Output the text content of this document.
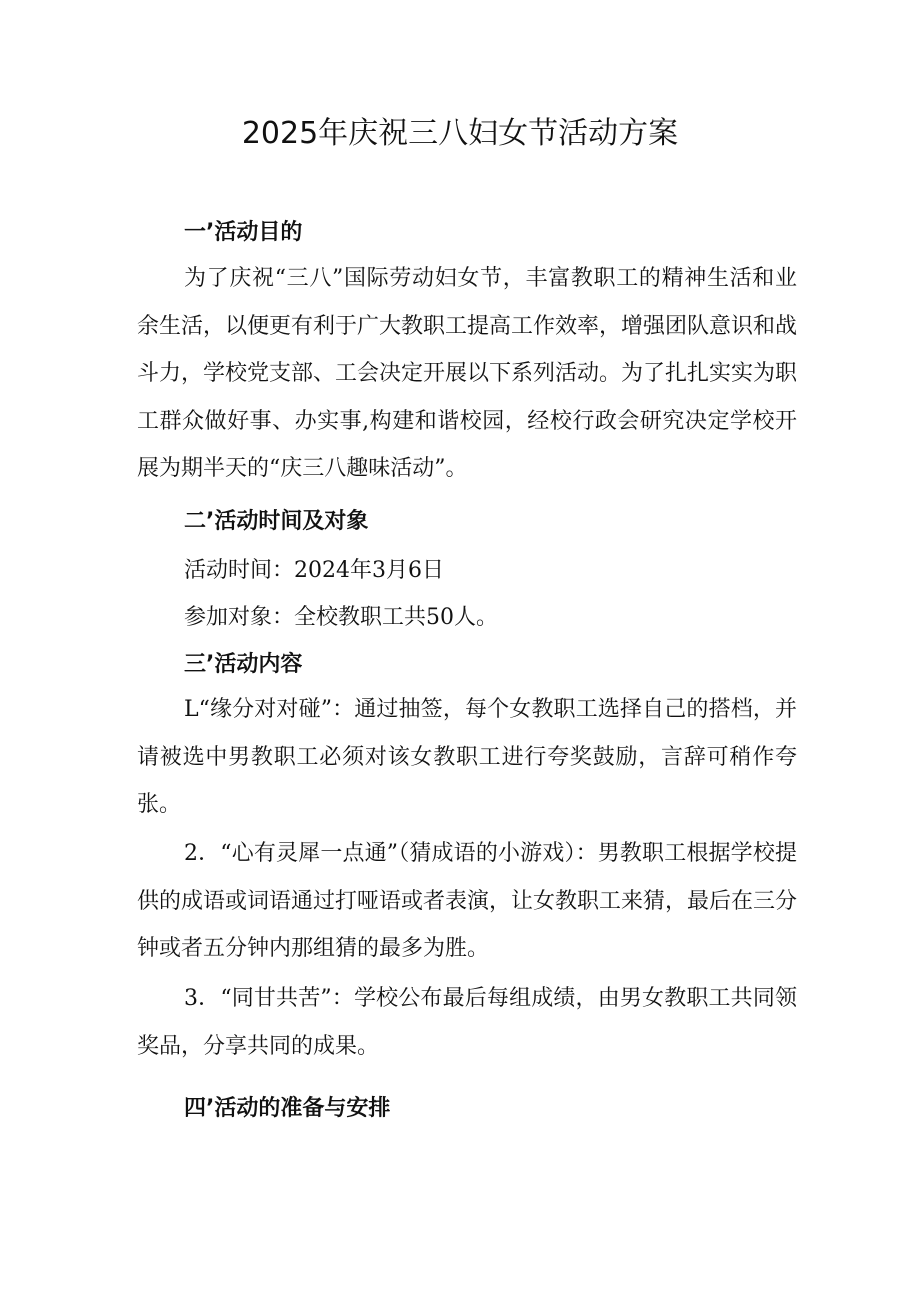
2025年庆祝三八妇女节活动方案
一’活动目的

为了庆祝“三八”国际劳动妇女节，丰富教职工的精神生活和业余生活，以便更有利于广大教职工提高工作效率，增强团队意识和战斗力，学校党支部、工会决定开展以下系列活动。为了扎扎实实为职工群众做好事、办实事,构建和谐校园，经校行政会研究决定学校开展为期半天的“庆三八趣味活动”。

二’活动时间及对象

活动时间：2024年3月6日

参加对象：全校教职工共50人。

三’活动内容

L“缘分对对碰”：通过抽签，每个女教职工选择自己的搭档，并请被选中男教职工必须对该女教职工进行夸奖鼓励，言辞可稍作夸张。

2．“心有灵犀一点通”（猜成语的小游戏）：男教职工根据学校提供的成语或词语通过打哑语或者表演，让女教职工来猜，最后在三分钟或者五分钟内那组猜的最多为胜。

3．“同甘共苦”：学校公布最后每组成绩，由男女教职工共同领奖品，分享共同的成果。

四’活动的准备与安排
